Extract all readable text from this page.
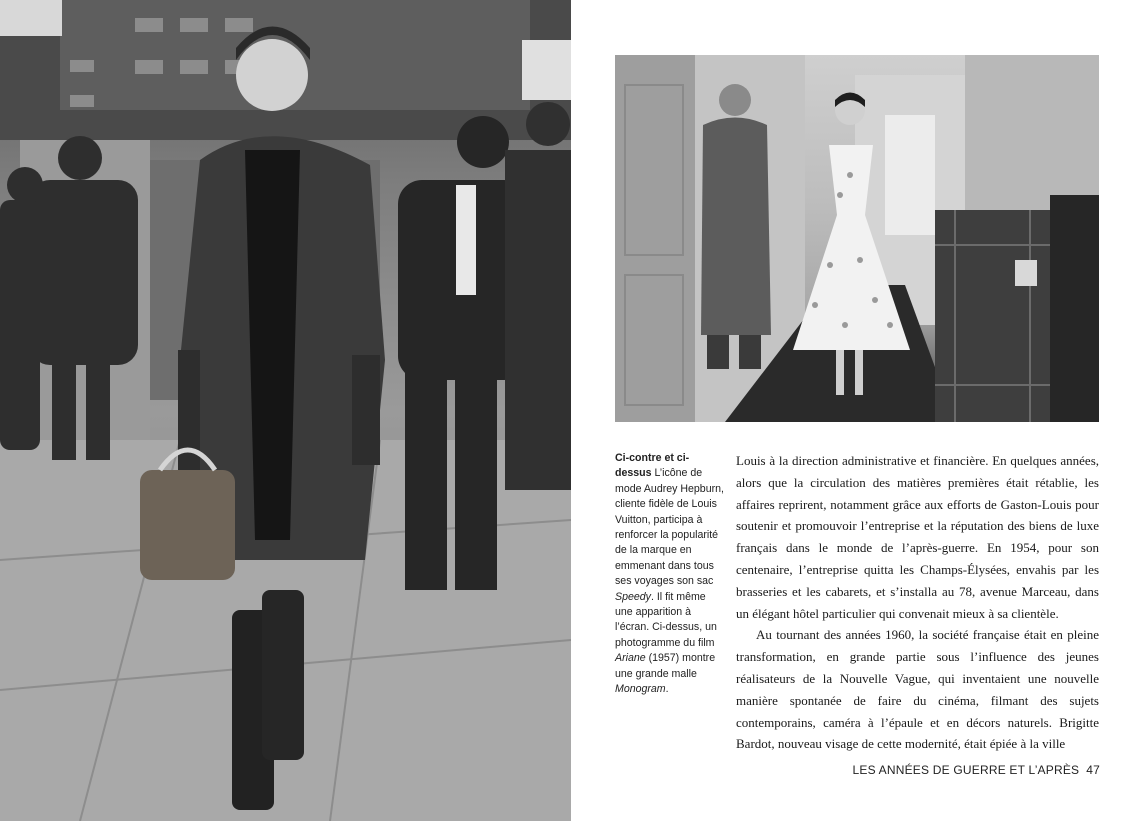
Ci-contre et ci-dessus L’icône de mode Audrey Hepburn, cliente fidèle de Louis Vuitton, participa à renforcer la popularité de la marque en emmenant dans tous ses voyages son sac Speedy. Il fit même une apparition à l’écran. Ci-dessus, un photogramme du film Ariane (1957) montre une grande malle Monogram.

Louis à la direction administrative et financière. En quelques années, alors que la circulation des matières premières était rétablie, les affaires reprirent, notamment grâce aux efforts de Gaston-Louis pour soutenir et promouvoir l’entreprise et la réputation des biens de luxe français dans le monde de l’après-guerre. En 1954, pour son centenaire, l’entreprise quitta les Champs-Élysées, envahis par les brasseries et les cabarets, et s’installa au 78, avenue Marceau, dans un élégant hôtel particulier qui convenait mieux à sa clientèle.

Au tournant des années 1960, la société française était en pleine transformation, en grande partie sous l’influence des jeunes réalisateurs de la Nouvelle Vague, qui inventaient une nouvelle manière spontanée de faire du cinéma, filmant des sujets contemporains, caméra à l’épaule et en décors naturels. Brigitte Bardot, nouveau visage de cette modernité, était épiée à la ville

LES ANNÉES DE GUERRE ET L’APRÈS 47
